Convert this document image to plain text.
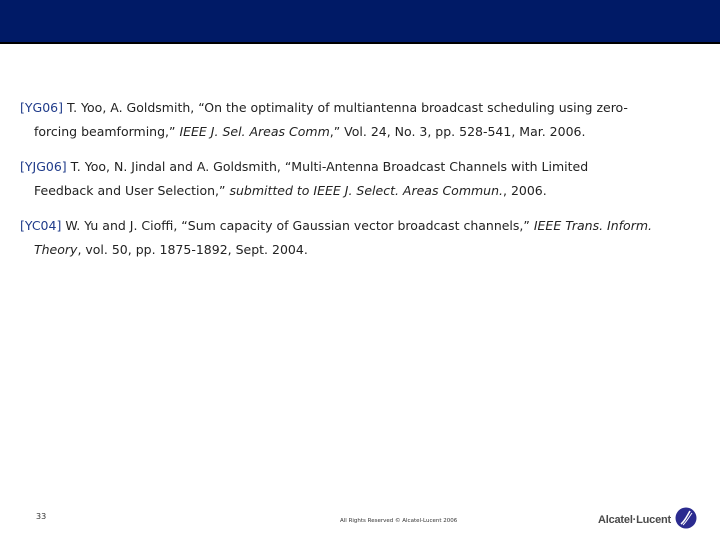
[YG06] T. Yoo, A. Goldsmith, “On the optimality of multiantenna broadcast scheduling using zero-
forcing beamforming,” IEEE J. Sel. Areas Comm,” Vol. 24, No. 3, pp. 528-541, Mar. 2006.
[YJG06] T. Yoo, N. Jindal and A. Goldsmith, “Multi-Antenna Broadcast Channels with Limited
Feedback and User Selection,” submitted to IEEE J. Select. Areas Commun., 2006.
[YC04] W. Yu and J. Cioffi, “Sum capacity of Gaussian vector broadcast channels,” IEEE Trans. Inform.
Theory, vol. 50, pp. 1875-1892, Sept. 2004.
33	All Rights Reserved © Alcatel-Lucent 2006	Alcatel·Lucent
